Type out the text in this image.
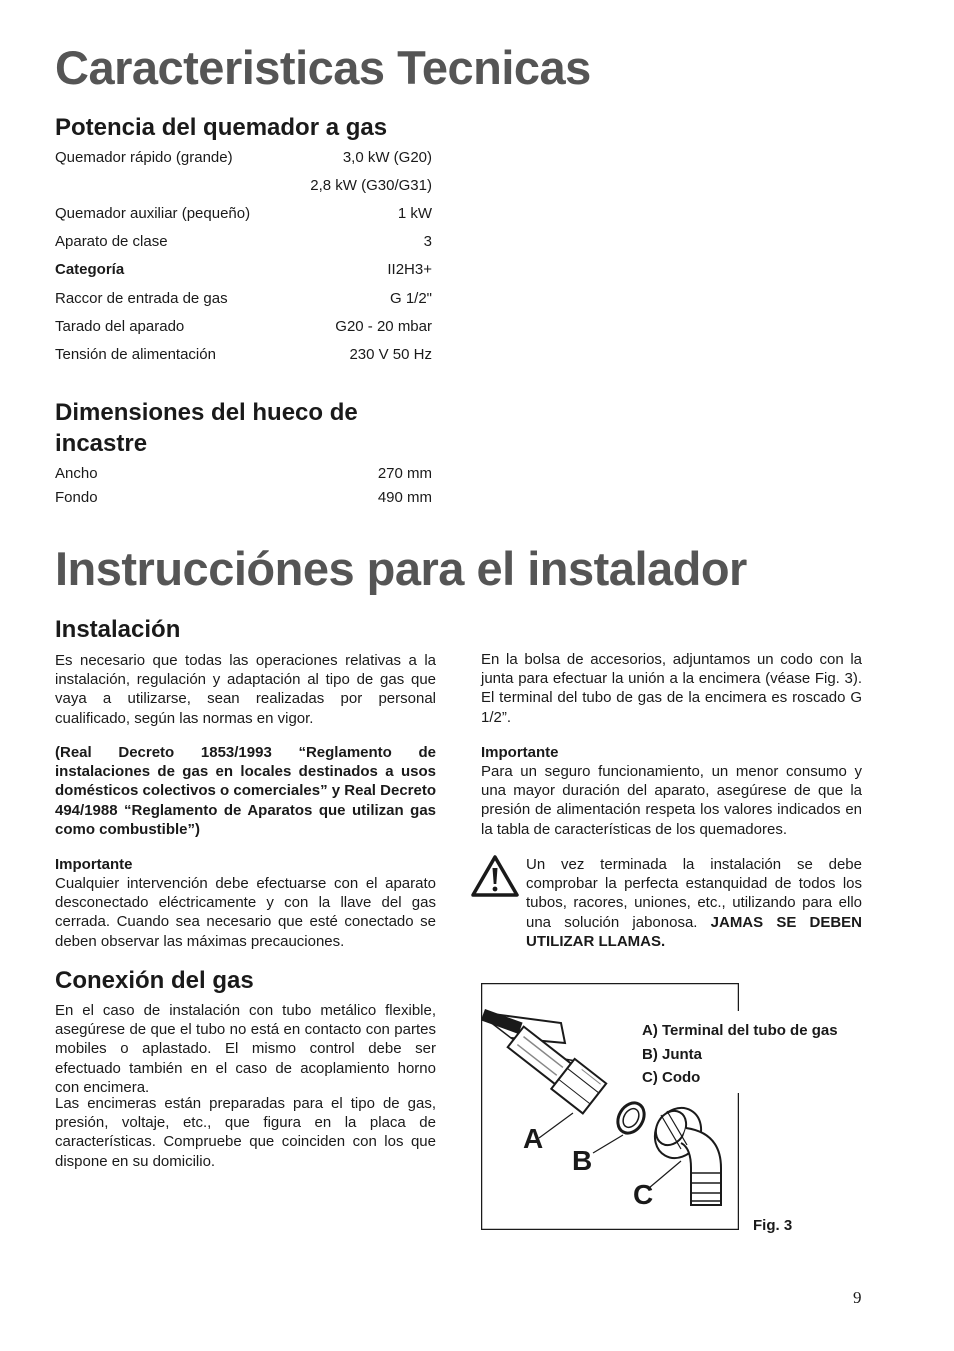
Caracteristicas Tecnicas
Potencia del quemador a gas
Quemador rápido (grande)	3,0 kW (G20)
2,8 kW (G30/G31)
Quemador auxiliar (pequeño)	1 kW
Aparato de clase	3
Categoría	II2H3+
Raccor de entrada de gas	G 1/2"
Tarado del aparado	G20 - 20 mbar
Tensión de alimentación	230 V 50 Hz
Dimensiones del hueco de
incastre
Ancho	270 mm
Fondo	490 mm
Instrucciónes para el instalador
Instalación
Es necesario que todas las operaciones relativas a la instalación, regulación y adaptación al tipo de gas que vaya a utilizarse, sean realizadas por personal cualificado, según las normas en vigor.
(Real Decreto 1853/1993 “Reglamento de instalaciones de gas en locales destinados a usos domésticos colectivos o comerciales” y Real Decreto 494/1988 “Reglamento de Aparatos que utilizan gas como combustible”)
Importante
Cualquier intervención debe efectuarse con el aparato desconectado eléctricamente y con la llave del gas cerrada. Cuando sea necesario que esté conectado se deben observar las máximas precauciones.
Conexión del gas
En el caso de instalación con tubo metálico flexible, asegúrese de que el tubo no está en contacto con partes mobiles o aplastado. El mismo control debe ser efectuado también en el caso de acoplamiento horno con encimera.
Las encimeras están preparadas para el tipo de gas, presión, voltaje, etc., que figura en la placa de características. Compruebe que coinciden con los que dispone en su domicilio.
En la bolsa de accesorios, adjuntamos un codo con la junta para efectuar la unión a la encimera (véase Fig. 3). El terminal del tubo de gas de la encimera es roscado G 1/2”.
Importante
Para un seguro funcionamiento, un menor consumo y una mayor duración del aparato, asegúrese de que la presión de alimentación respeta los valores indicados en la tabla de características de los quemadores.
Un vez terminada la instalación se debe comprobar la perfecta estanquidad de todos los tubos, racores, uniones, etc., utilizando para ello una solución jabonosa. JAMAS SE DEBEN UTILIZAR LLAMAS.
A
B
C
A) Terminal del tubo de gas
B) Junta
C) Codo
Fig. 3
9
